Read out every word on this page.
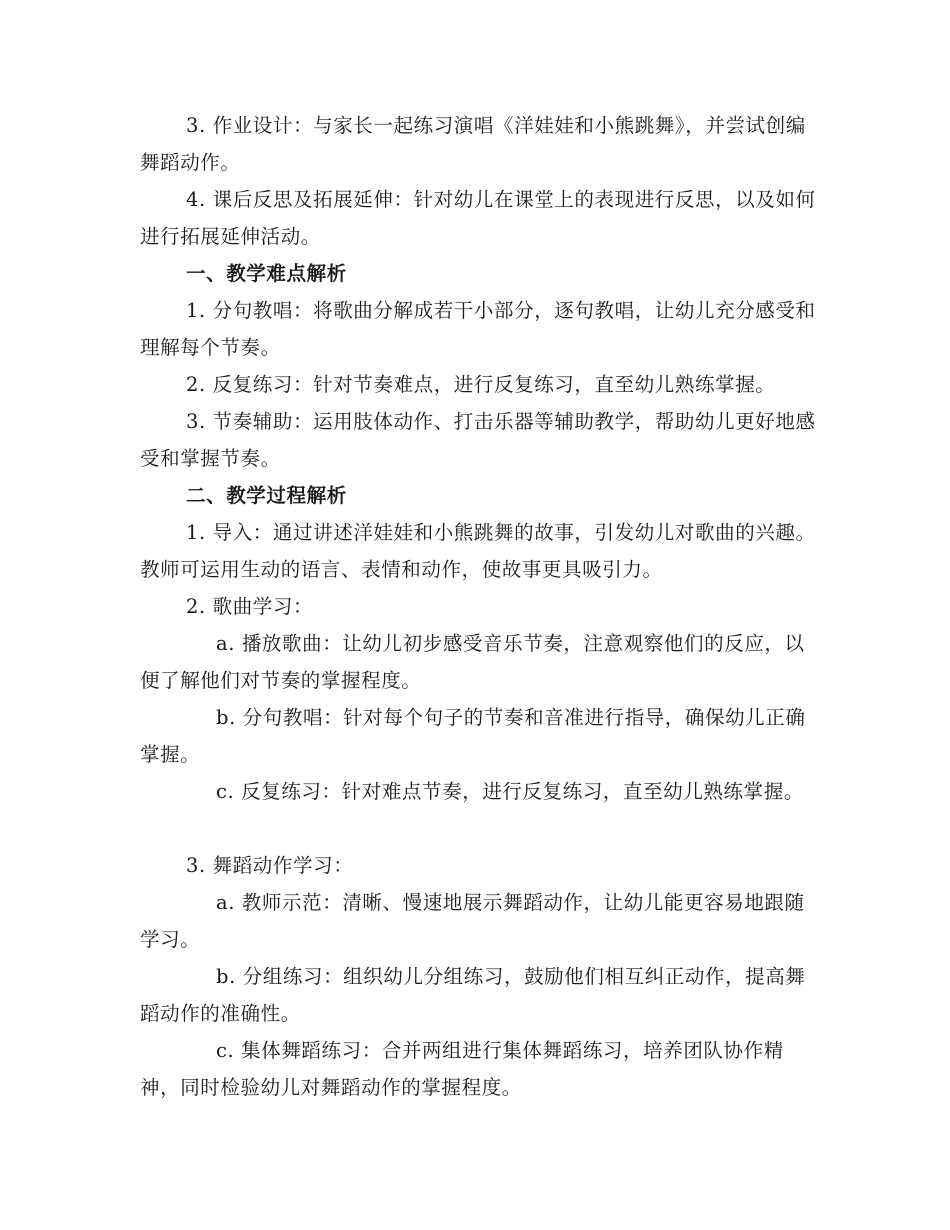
3. 作业设计：与家长一起练习演唱《洋娃娃和小熊跳舞》，并尝试创编舞蹈动作。

4. 课后反思及拓展延伸：针对幼儿在课堂上的表现进行反思，以及如何进行拓展延伸活动。

一、教学难点解析

1. 分句教唱：将歌曲分解成若干小部分，逐句教唱，让幼儿充分感受和理解每个节奏。

2. 反复练习：针对节奏难点，进行反复练习，直至幼儿熟练掌握。

3. 节奏辅助：运用肢体动作、打击乐器等辅助教学，帮助幼儿更好地感受和掌握节奏。

二、教学过程解析

1. 导入：通过讲述洋娃娃和小熊跳舞的故事，引发幼儿对歌曲的兴趣。教师可运用生动的语言、表情和动作，使故事更具吸引力。

2. 歌曲学习：

a. 播放歌曲：让幼儿初步感受音乐节奏，注意观察他们的反应，以便了解他们对节奏的掌握程度。

b. 分句教唱：针对每个句子的节奏和音准进行指导，确保幼儿正确掌握。

c. 反复练习：针对难点节奏，进行反复练习，直至幼儿熟练掌握。

3. 舞蹈动作学习：

a. 教师示范：清晰、慢速地展示舞蹈动作，让幼儿能更容易地跟随学习。

b. 分组练习：组织幼儿分组练习，鼓励他们相互纠正动作，提高舞蹈动作的准确性。

c. 集体舞蹈练习：合并两组进行集体舞蹈练习，培养团队协作精神，同时检验幼儿对舞蹈动作的掌握程度。
